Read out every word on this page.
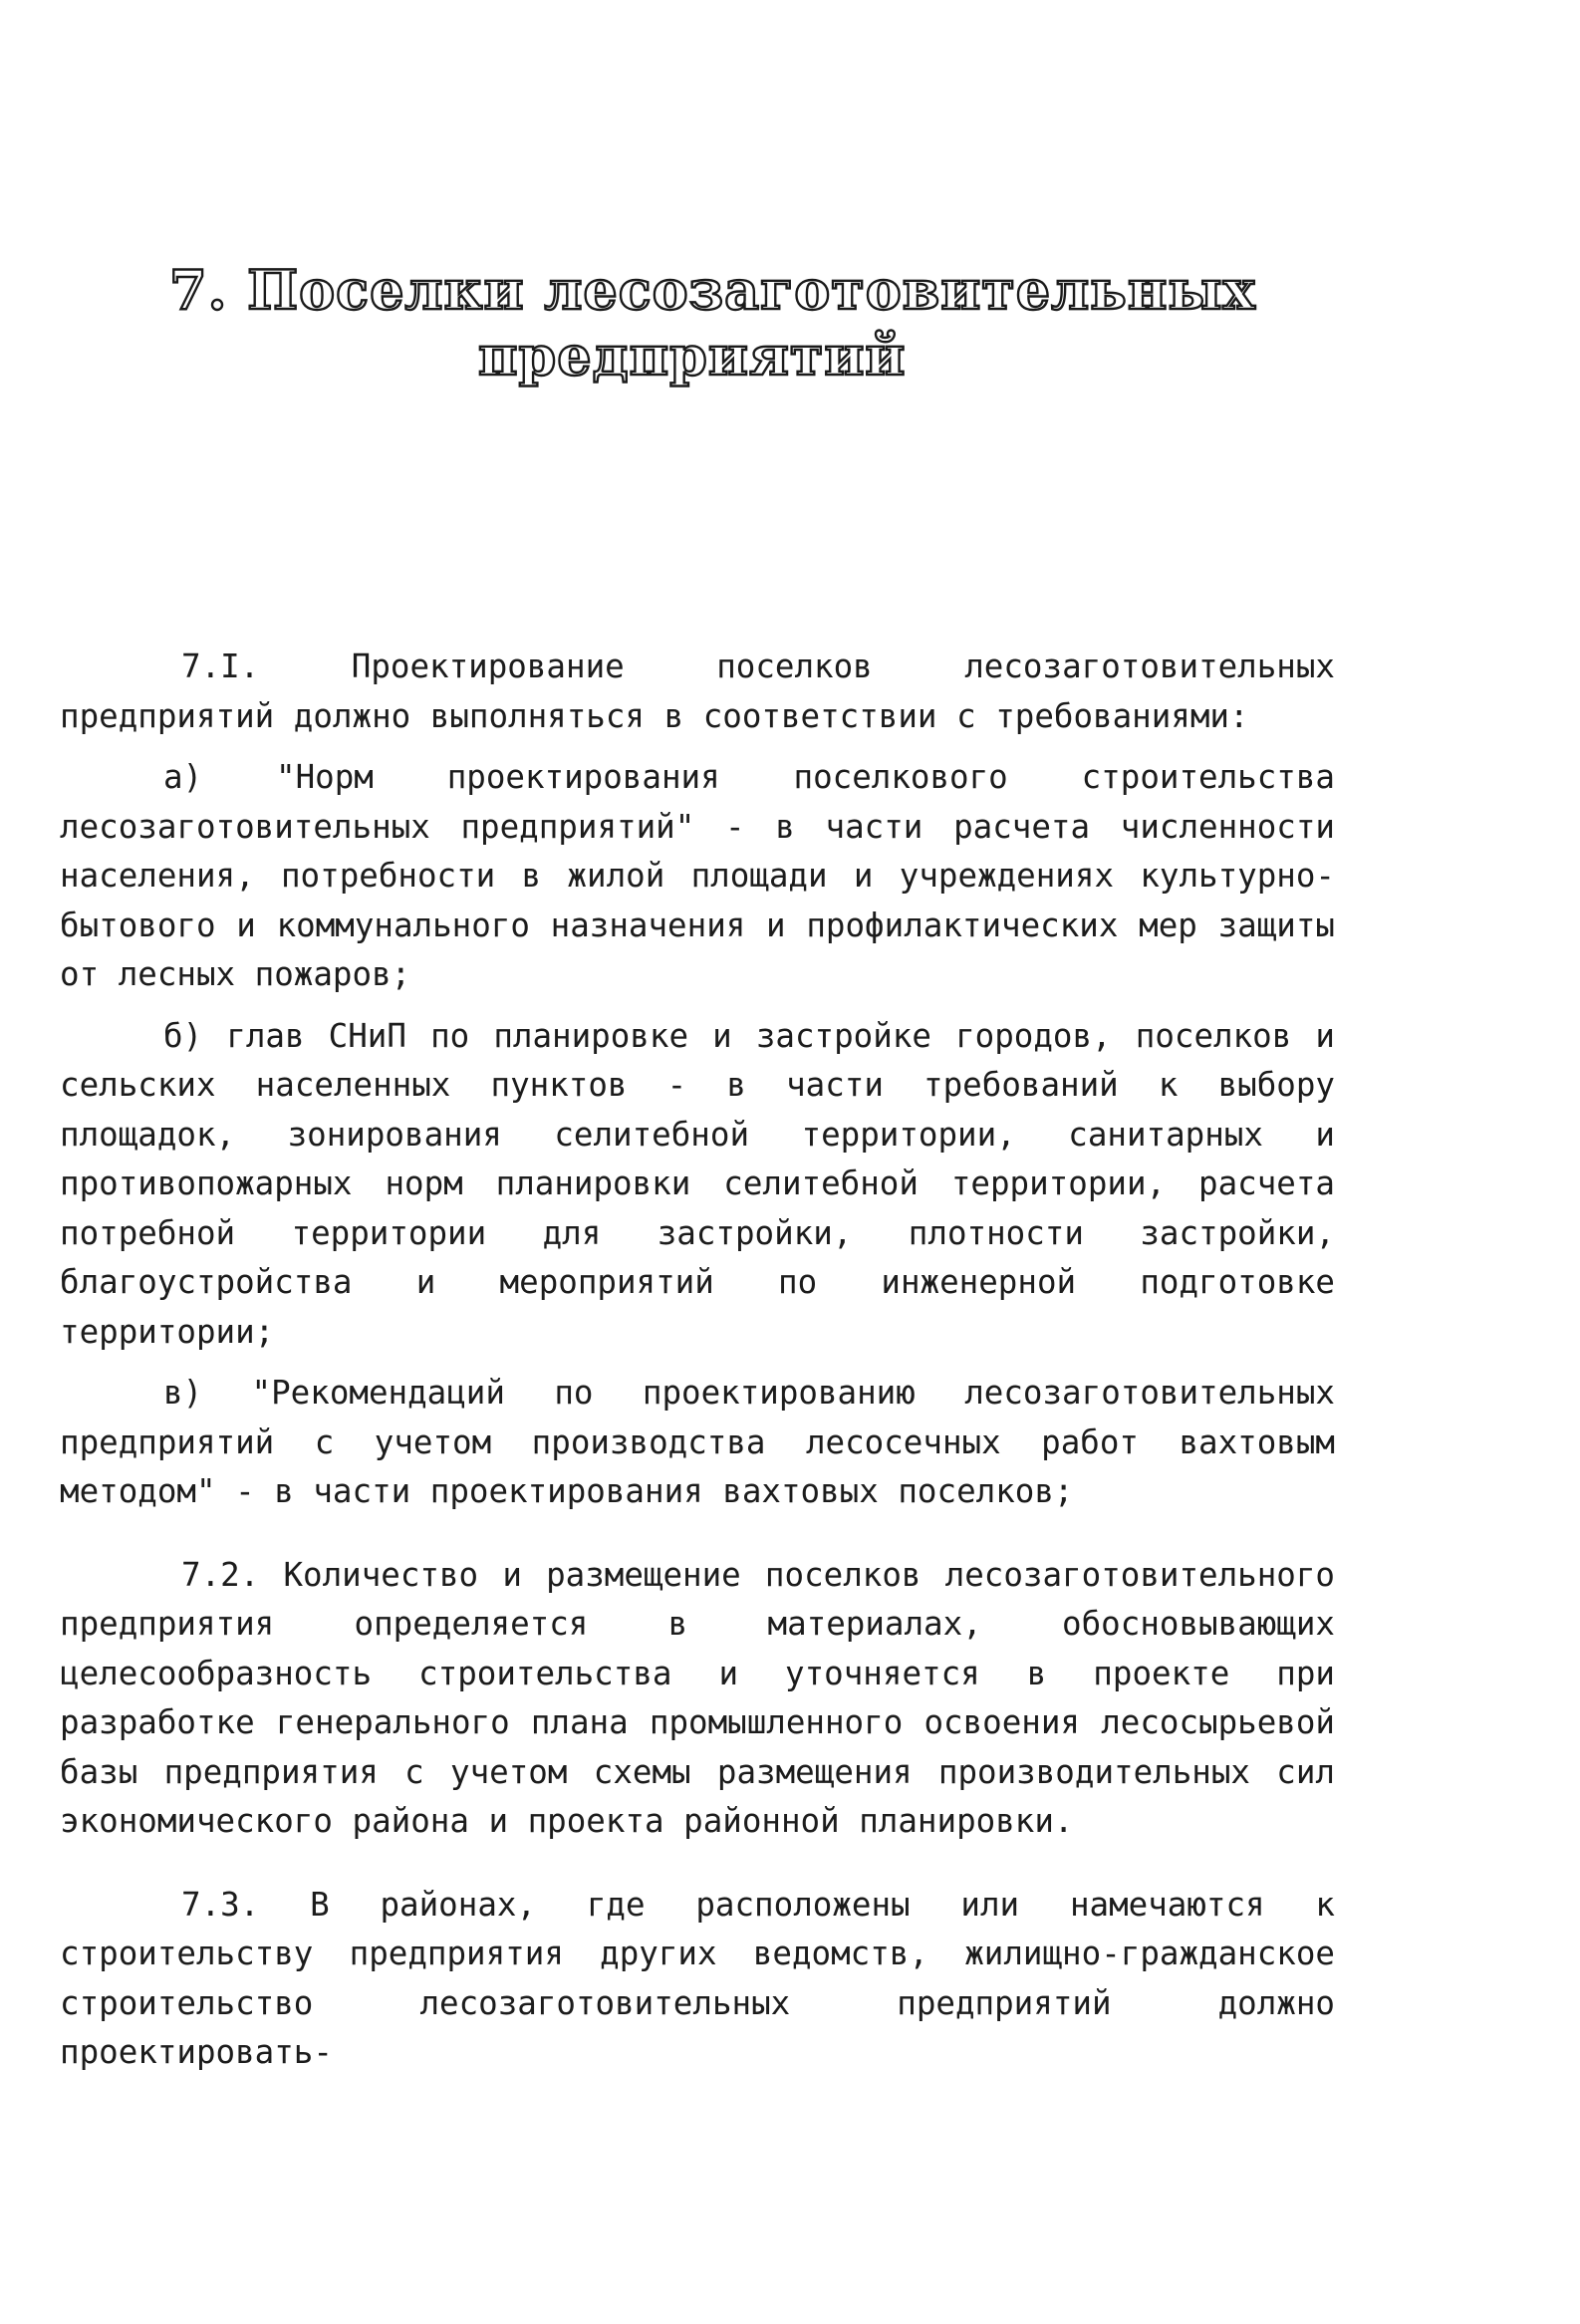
7. Поселки лесозаготовительных
предприятий

7.I. Проектирование поселков лесозаготовительных предприятий должно выполняться в соответствии с требованиями:

а) "Норм проектирования поселкового строительства лесозаготовительных предприятий" - в части расчета численности населения, потребности в жилой площади и учреждениях культурно-бытового и коммунального назначения и профилактических мер защиты от лесных пожаров;

б) глав СНиП по планировке и застройке городов, поселков и сельских населенных пунктов - в части требований к выбору площадок, зонирования селитебной территории, санитарных и противопожарных норм планировки селитебной территории, расчета потребной территории для застройки, плотности застройки, благоустройства и мероприятий по инженерной подготовке территории;

в) "Рекомендаций по проектированию лесозаготовительных предприятий с учетом производства лесосечных работ вахтовым методом" - в части проектирования вахтовых поселков;

7.2. Количество и размещение поселков лесозаготовительного предприятия определяется в материалах, обосновывающих целесообразность строительства и уточняется в проекте при разработке генерального плана промышленного освоения лесосырьевой базы предприятия с учетом схемы размещения производительных сил экономического района и проекта районной планировки.

7.3. В районах, где расположены или намечаются к строительству предприятия других ведомств, жилищно-гражданское строительство лесозаготовительных предприятий должно проектировать-
